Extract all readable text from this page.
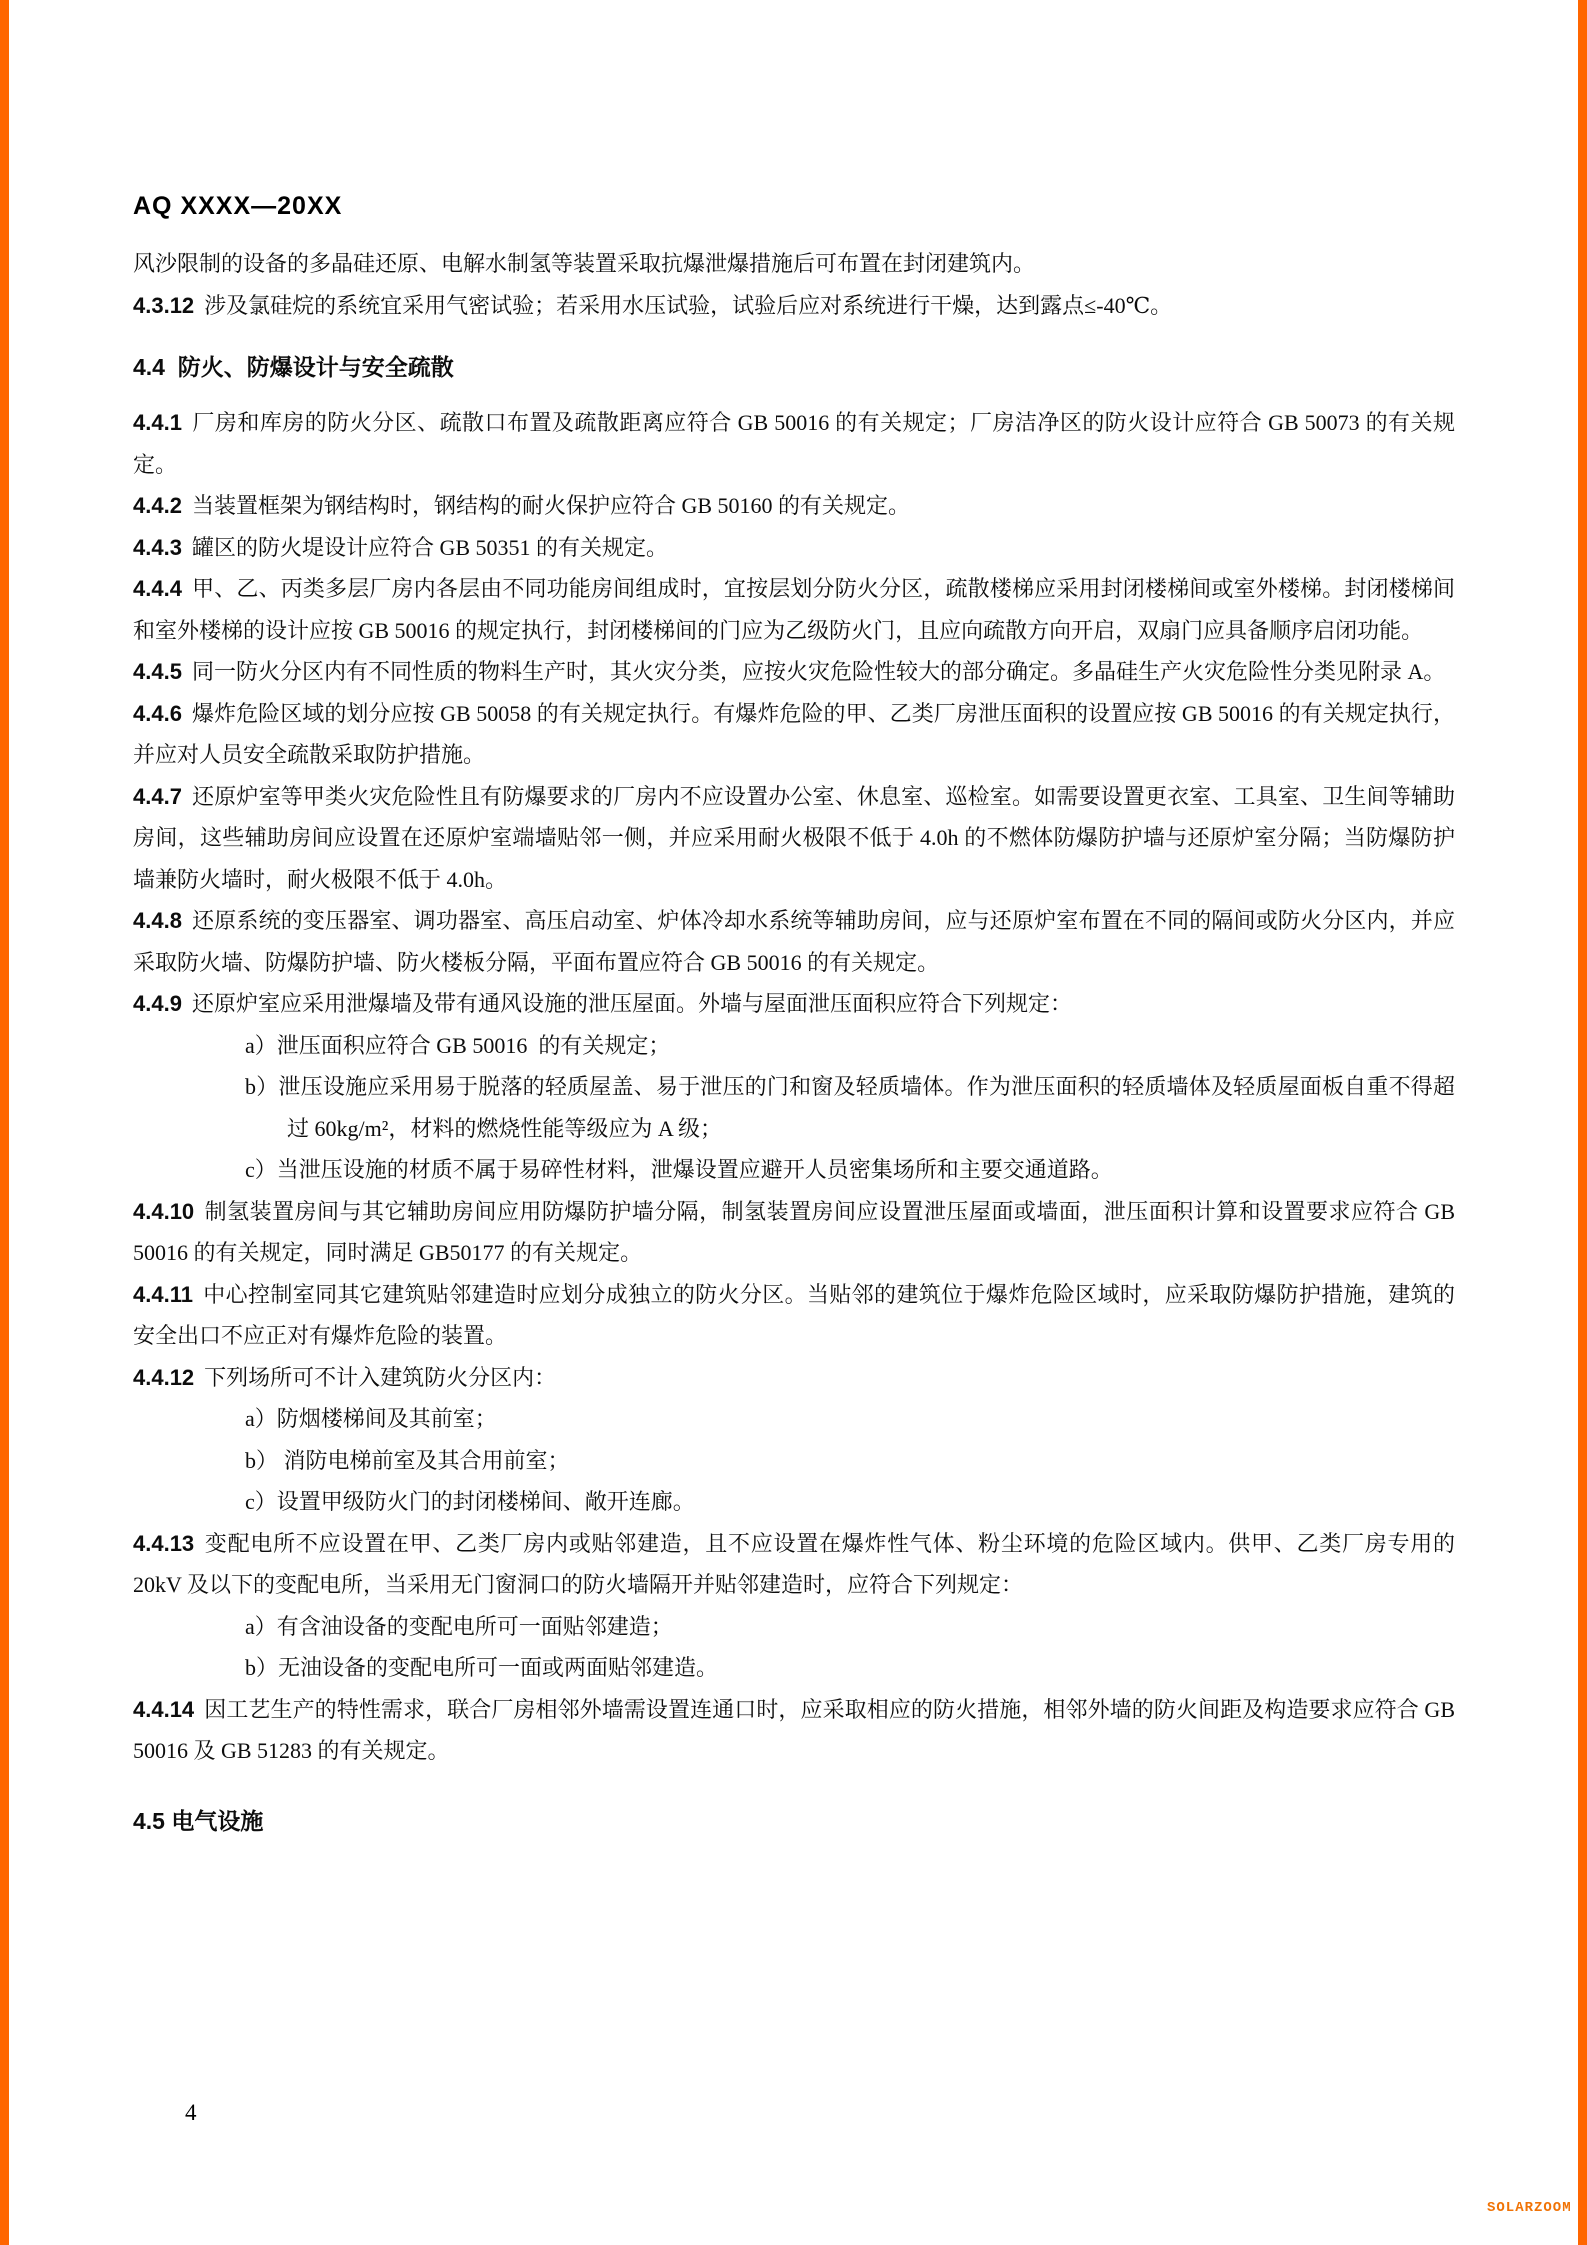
AQ XXXX—20XX

风沙限制的设备的多晶硅还原、电解水制氢等装置采取抗爆泄爆措施后可布置在封闭建筑内。

4.3.12 涉及氯硅烷的系统宜采用气密试验；若采用水压试验，试验后应对系统进行干燥，达到露点≤-40℃。

4.4  防火、防爆设计与安全疏散

4.4.1 厂房和库房的防火分区、疏散口布置及疏散距离应符合 GB 50016 的有关规定；厂房洁净区的防火设计应符合 GB 50073 的有关规定。

4.4.2 当装置框架为钢结构时，钢结构的耐火保护应符合 GB 50160 的有关规定。

4.4.3 罐区的防火堤设计应符合 GB 50351 的有关规定。

4.4.4 甲、乙、丙类多层厂房内各层由不同功能房间组成时，宜按层划分防火分区，疏散楼梯应采用封闭楼梯间或室外楼梯。封闭楼梯间和室外楼梯的设计应按 GB 50016 的规定执行，封闭楼梯间的门应为乙级防火门，且应向疏散方向开启，双扇门应具备顺序启闭功能。

4.4.5 同一防火分区内有不同性质的物料生产时，其火灾分类，应按火灾危险性较大的部分确定。多晶硅生产火灾危险性分类见附录 A。

4.4.6 爆炸危险区域的划分应按 GB 50058 的有关规定执行。有爆炸危险的甲、乙类厂房泄压面积的设置应按 GB 50016 的有关规定执行，并应对人员安全疏散采取防护措施。

4.4.7 还原炉室等甲类火灾危险性且有防爆要求的厂房内不应设置办公室、休息室、巡检室。如需要设置更衣室、工具室、卫生间等辅助房间，这些辅助房间应设置在还原炉室端墙贴邻一侧，并应采用耐火极限不低于 4.0h 的不燃体防爆防护墙与还原炉室分隔；当防爆防护墙兼防火墙时，耐火极限不低于 4.0h。

4.4.8 还原系统的变压器室、调功器室、高压启动室、炉体冷却水系统等辅助房间，应与还原炉室布置在不同的隔间或防火分区内，并应采取防火墙、防爆防护墙、防火楼板分隔，平面布置应符合 GB 50016 的有关规定。

4.4.9 还原炉室应采用泄爆墙及带有通风设施的泄压屋面。外墙与屋面泄压面积应符合下列规定：

a）泄压面积应符合 GB 50016  的有关规定；

b）泄压设施应采用易于脱落的轻质屋盖、易于泄压的门和窗及轻质墙体。作为泄压面积的轻质墙体及轻质屋面板自重不得超过 60kg/m²，材料的燃烧性能等级应为 A 级；

c）当泄压设施的材质不属于易碎性材料，泄爆设置应避开人员密集场所和主要交通道路。

4.4.10 制氢装置房间与其它辅助房间应用防爆防护墙分隔，制氢装置房间应设置泄压屋面或墙面，泄压面积计算和设置要求应符合 GB 50016 的有关规定，同时满足 GB50177 的有关规定。

4.4.11 中心控制室同其它建筑贴邻建造时应划分成独立的防火分区。当贴邻的建筑位于爆炸危险区域时，应采取防爆防护措施，建筑的安全出口不应正对有爆炸危险的装置。

4.4.12 下列场所可不计入建筑防火分区内：

a）防烟楼梯间及其前室；

b） 消防电梯前室及其合用前室；

c）设置甲级防火门的封闭楼梯间、敞开连廊。

4.4.13 变配电所不应设置在甲、乙类厂房内或贴邻建造，且不应设置在爆炸性气体、粉尘环境的危险区域内。供甲、乙类厂房专用的 20kV 及以下的变配电所，当采用无门窗洞口的防火墙隔开并贴邻建造时，应符合下列规定：

a）有含油设备的变配电所可一面贴邻建造；

b）无油设备的变配电所可一面或两面贴邻建造。

4.4.14 因工艺生产的特性需求，联合厂房相邻外墙需设置连通口时，应采取相应的防火措施，相邻外墙的防火间距及构造要求应符合 GB 50016 及 GB 51283 的有关规定。

4.5 电气设施

4
SOLARZOOM
